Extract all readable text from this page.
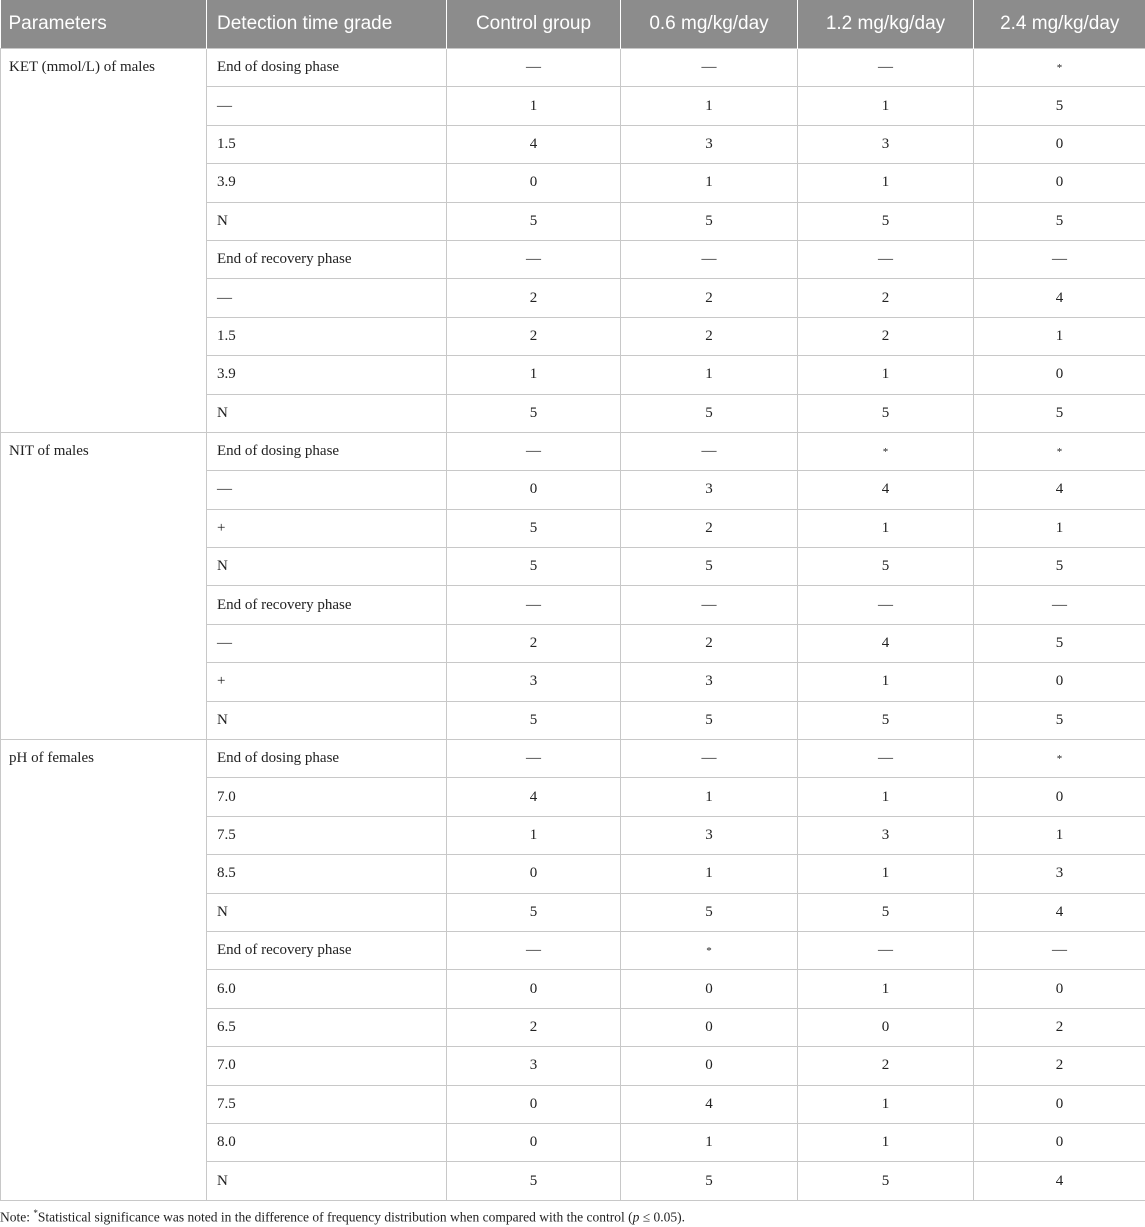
Parameters	Detection time grade	Control group	0.6 mg/kg/day	1.2 mg/kg/day	2.4 mg/kg/day
KET (mmol/L) of males	End of dosing phase	—	—	—	*
	—	1	1	1	5
	1.5	4	3	3	0
	3.9	0	1	1	0
	N	5	5	5	5
	End of recovery phase	—	—	—	—
	—	2	2	2	4
	1.5	2	2	2	1
	3.9	1	1	1	0
	N	5	5	5	5
NIT of males	End of dosing phase	—	—	*	*
	—	0	3	4	4
	+	5	2	1	1
	N	5	5	5	5
	End of recovery phase	—	—	—	—
	—	2	2	4	5
	+	3	3	1	0
	N	5	5	5	5
pH of females	End of dosing phase	—	—	—	*
	7.0	4	1	1	0
	7.5	1	3	3	1
	8.5	0	1	1	3
	N	5	5	5	4
	End of recovery phase	—	*	—	—
	6.0	0	0	1	0
	6.5	2	0	0	2
	7.0	3	0	2	2
	7.5	0	4	1	0
	8.0	0	1	1	0
	N	5	5	5	4
Note: *Statistical significance was noted in the difference of frequency distribution when compared with the control (p ≤ 0.05).
